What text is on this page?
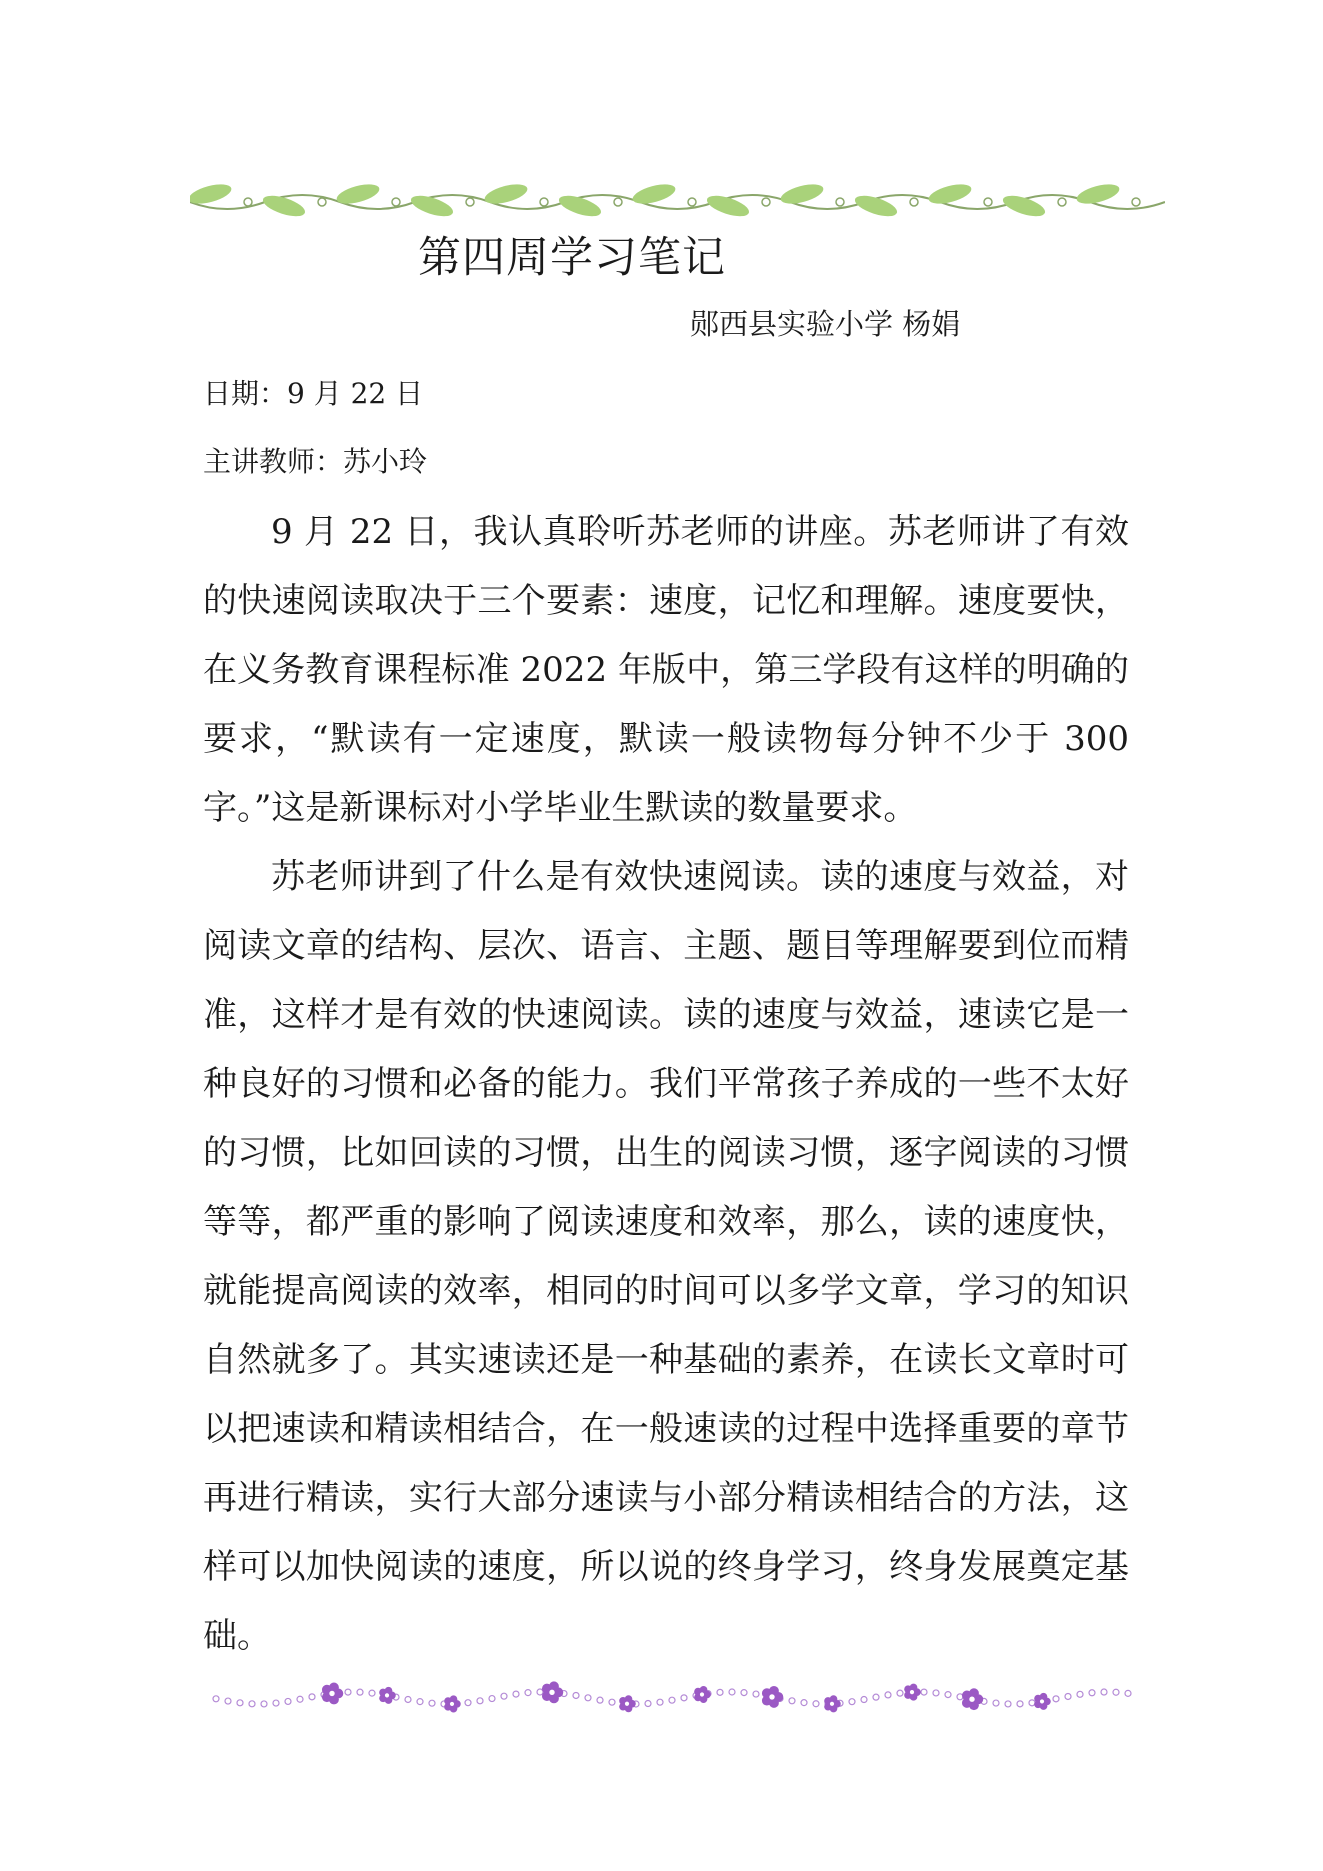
第四周学习笔记
郧西县实验小学 杨娟
日期：9 月 22 日
主讲教师：苏小玲

9 月 22 日，我认真聆听苏老师的讲座。苏老师讲了有效的快速阅读取决于三个要素：速度，记忆和理解。速度要快，在义务教育课程标准 2022 年版中，第三学段有这样的明确的要求，“默读有一定速度，默读一般读物每分钟不少于 300 字。”这是新课标对小学毕业生默读的数量要求。

苏老师讲到了什么是有效快速阅读。读的速度与效益，对阅读文章的结构、层次、语言、主题、题目等理解要到位而精准，这样才是有效的快速阅读。读的速度与效益，速读它是一种良好的习惯和必备的能力。我们平常孩子养成的一些不太好的习惯，比如回读的习惯，出生的阅读习惯，逐字阅读的习惯等等，都严重的影响了阅读速度和效率，那么，读的速度快，就能提高阅读的效率，相同的时间可以多学文章，学习的知识自然就多了。其实速读还是一种基础的素养，在读长文章时可以把速读和精读相结合，在一般速读的过程中选择重要的章节再进行精读，实行大部分速读与小部分精读相结合的方法，这样可以加快阅读的速度，所以说的终身学习，终身发展奠定基础。
